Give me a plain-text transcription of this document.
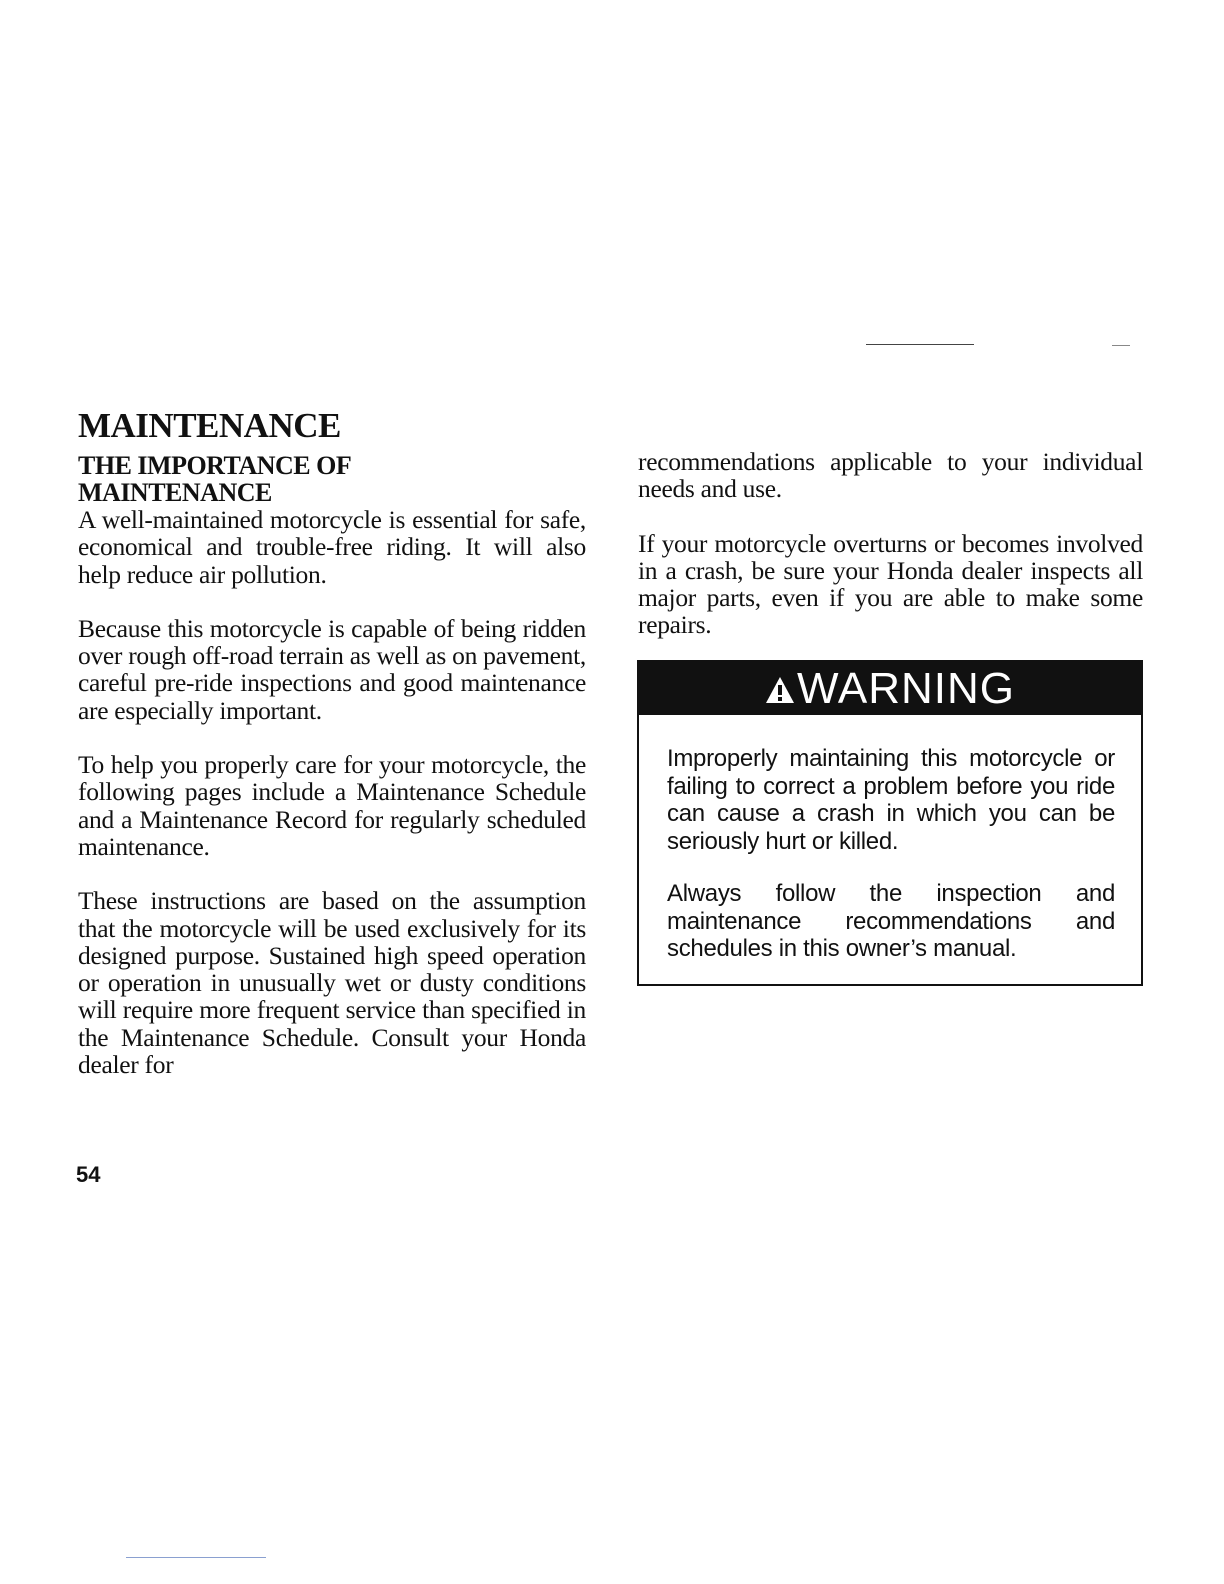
MAINTENANCE
THE IMPORTANCE OF MAINTENANCE

A well-maintained motorcycle is essential for safe, economical and trouble-free riding. It will also help reduce air pollution.

Because this motorcycle is capable of being ridden over rough off-road terrain as well as on pavement, careful pre-ride inspections and good maintenance are especially important.

To help you properly care for your motorcycle, the following pages include a Maintenance Schedule and a Maintenance Record for regularly scheduled maintenance.

These instructions are based on the assumption that the motorcycle will be used exclusively for its designed purpose. Sustained high speed operation or operation in unusually wet or dusty conditions will require more frequent service than specified in the Maintenance Schedule. Consult your Honda dealer for

54

recommendations applicable to your individual needs and use.

If your motorcycle overturns or becomes involved in a crash, be sure your Honda dealer inspects all major parts, even if you are able to make some repairs.

WARNING

Improperly maintaining this motorcycle or failing to correct a problem before you ride can cause a crash in which you can be seriously hurt or killed.

Always follow the inspection and maintenance recommendations and schedules in this owner’s manual.
